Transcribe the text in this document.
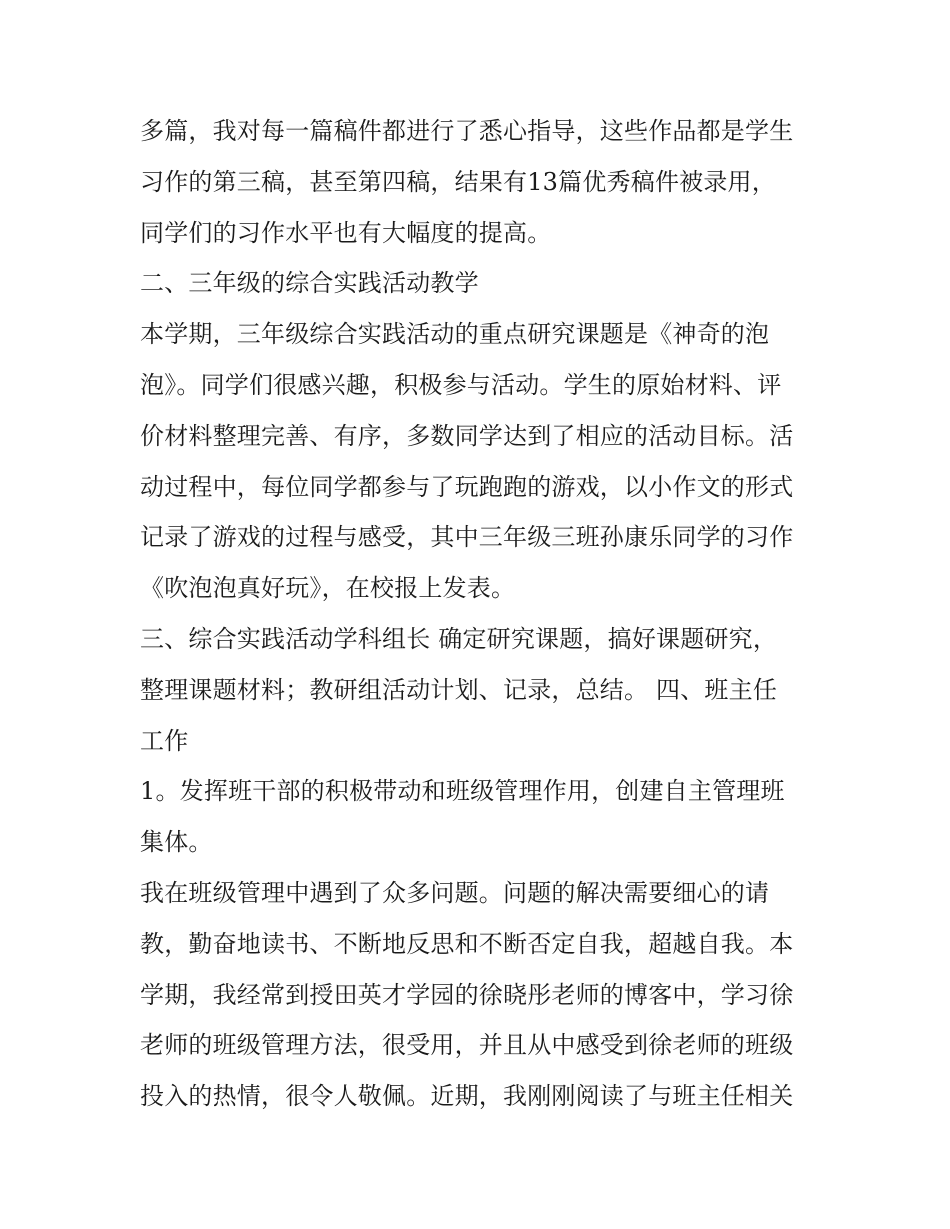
多篇，我对每一篇稿件都进行了悉心指导，这些作品都是学生
习作的第三稿，甚至第四稿，结果有13篇优秀稿件被录用，
同学们的习作水平也有大幅度的提高。
二、三年级的综合实践活动教学
本学期，三年级综合实践活动的重点研究课题是《神奇的泡
泡》。同学们很感兴趣，积极参与活动。学生的原始材料、评
价材料整理完善、有序，多数同学达到了相应的活动目标。活
动过程中，每位同学都参与了玩跑跑的游戏，以小作文的形式
记录了游戏的过程与感受，其中三年级三班孙康乐同学的习作
《吹泡泡真好玩》，在校报上发表。
三、综合实践活动学科组长 确定研究课题，搞好课题研究，
整理课题材料；教研组活动计划、记录，总结。 四、班主任
工作
1。发挥班干部的积极带动和班级管理作用，创建自主管理班
集体。
我在班级管理中遇到了众多问题。问题的解决需要细心的请
教，勤奋地读书、不断地反思和不断否定自我，超越自我。本
学期，我经常到授田英才学园的徐晓彤老师的博客中，学习徐
老师的班级管理方法，很受用，并且从中感受到徐老师的班级
投入的热情，很令人敬佩。近期，我刚刚阅读了与班主任相关
